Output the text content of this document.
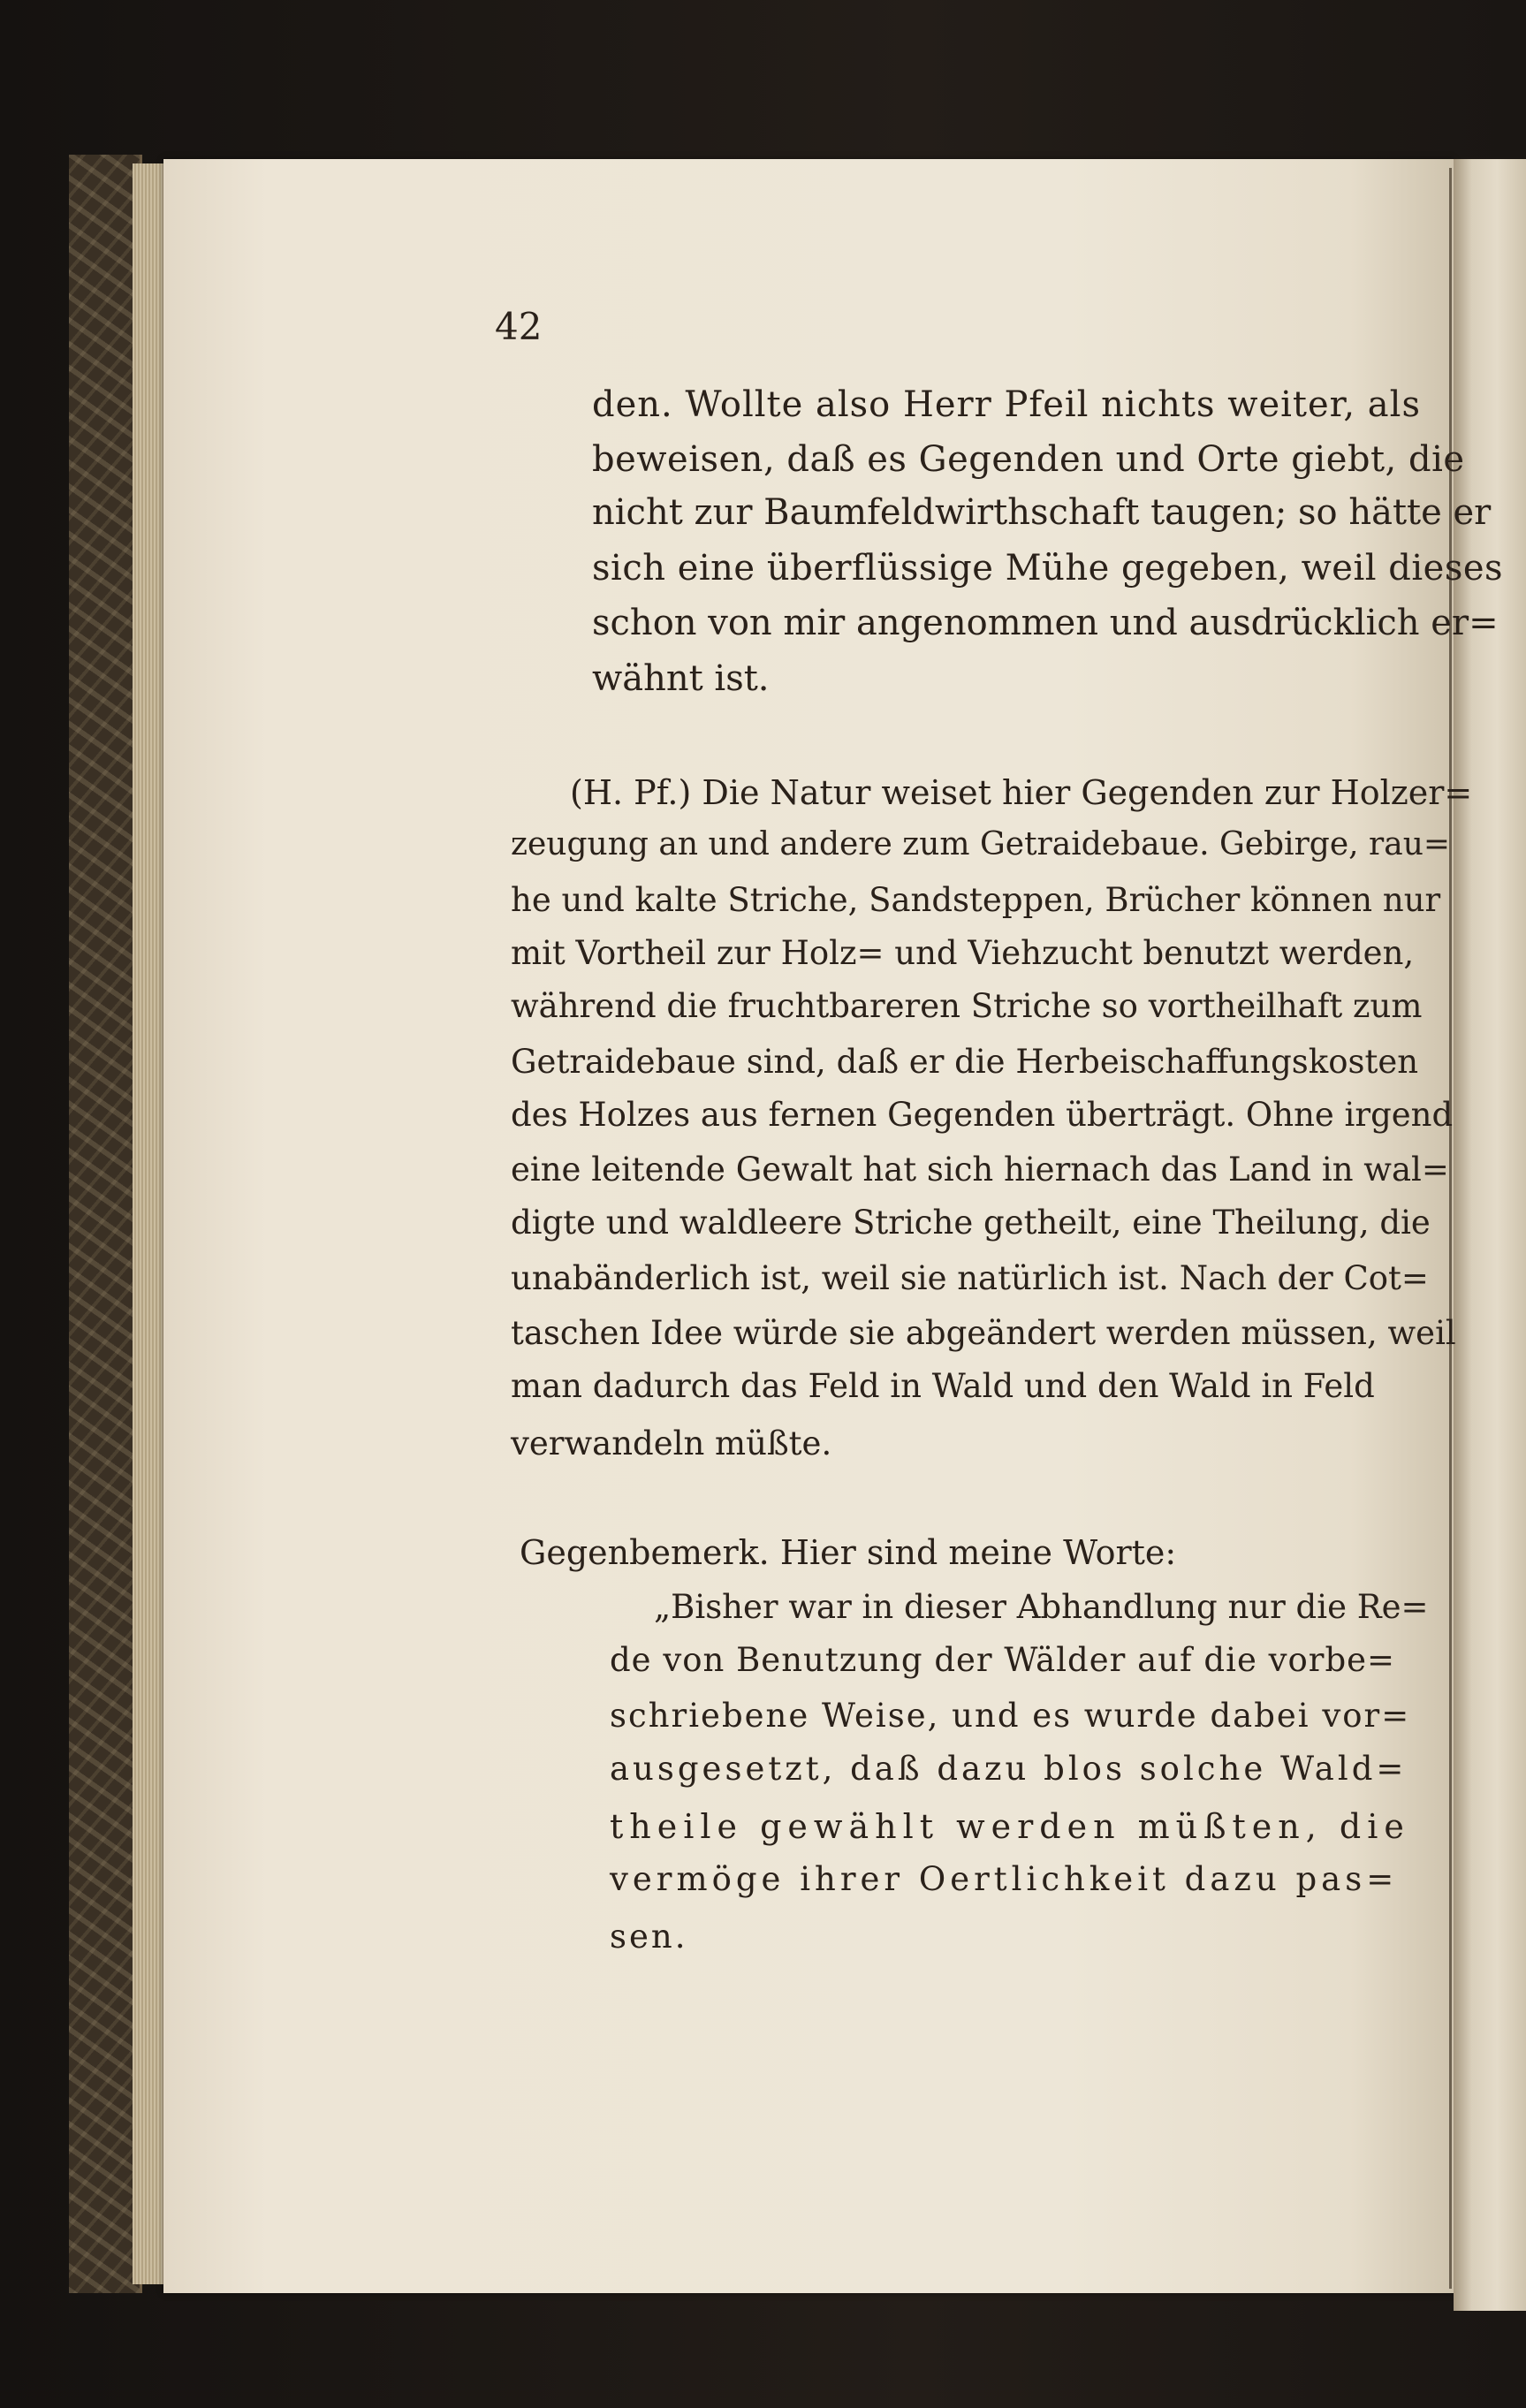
42
den. Wollte also Herr Pfeil nichts weiter, als
beweisen, daß es Gegenden und Orte giebt, die
nicht zur Baumfeldwirthschaft taugen; so hätte er
sich eine überflüssige Mühe gegeben, weil dieses
schon von mir angenommen und ausdrücklich er=
wähnt ist.
(H. Pf.) Die Natur weiset hier Gegenden zur Holzer=
zeugung an und andere zum Getraidebaue. Gebirge, rau=
he und kalte Striche, Sandsteppen, Brücher können nur
mit Vortheil zur Holz= und Viehzucht benutzt werden,
während die fruchtbareren Striche so vortheilhaft zum
Getraidebaue sind, daß er die Herbeischaffungskosten
des Holzes aus fernen Gegenden überträgt. Ohne irgend
eine leitende Gewalt hat sich hiernach das Land in wal=
digte und waldleere Striche getheilt, eine Theilung, die
unabänderlich ist, weil sie natürlich ist. Nach der Cot=
taschen Idee würde sie abgeändert werden müssen, weil
man dadurch das Feld in Wald und den Wald in Feld
verwandeln müßte.
Gegenbemerk. Hier sind meine Worte:
„Bisher war in dieser Abhandlung nur die Re=
de von Benutzung der Wälder auf die vorbe=
schriebene Weise, und es wurde dabei vor=
ausgesetzt, daß dazu blos solche Wald=
theile gewählt werden müßten, die
vermöge ihrer Oertlichkeit dazu pas=
sen.
